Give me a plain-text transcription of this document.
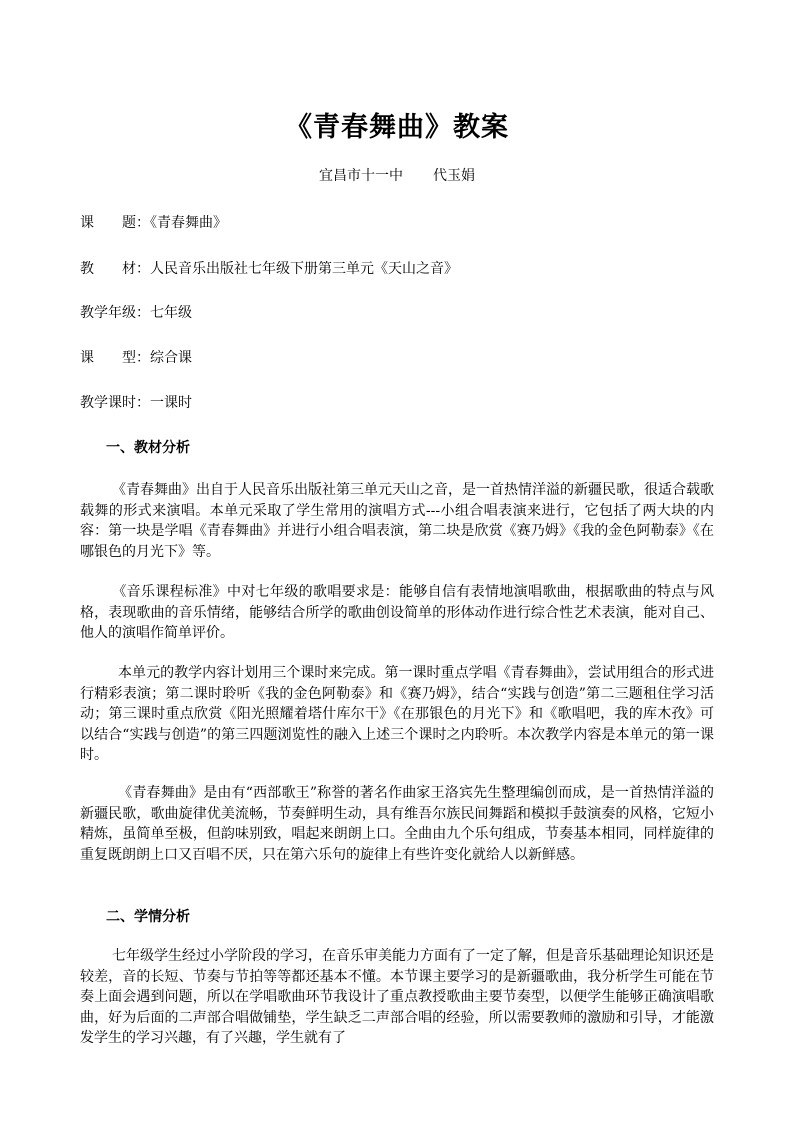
《青春舞曲》教案
宜昌市十一中 代玉娟
课　　题：《青春舞曲》
教　　材：人民音乐出版社七年级下册第三单元《天山之音》
教学年级：七年级
课　　型：综合课
教学课时：一课时
一、教材分析
《青春舞曲》出自于人民音乐出版社第三单元天山之音，是一首热情洋溢的新疆民歌，很适合载歌载舞的形式来演唱。本单元采取了学生常用的演唱方式---小组合唱表演来进行，它包括了两大块的内容：第一块是学唱《青春舞曲》并进行小组合唱表演，第二块是欣赏《赛乃姆》《我的金色阿勒泰》《在哪银色的月光下》等。
《音乐课程标准》中对七年级的歌唱要求是：能够自信有表情地演唱歌曲，根据歌曲的特点与风格，表现歌曲的音乐情绪，能够结合所学的歌曲创设简单的形体动作进行综合性艺术表演，能对自己、他人的演唱作简单评价。
本单元的教学内容计划用三个课时来完成。第一课时重点学唱《青春舞曲》，尝试用组合的形式进行精彩表演；第二课时聆听《我的金色阿勒泰》和《赛乃姆》，结合“实践与创造”第二三题租住学习活动；第三课时重点欣赏《阳光照耀着塔什库尔干》《在那银色的月光下》和《歌唱吧，我的库木孜》可以结合“实践与创造”的第三四题浏览性的融入上述三个课时之内聆听。本次教学内容是本单元的第一课时。
《青春舞曲》是由有“西部歌王”称誉的著名作曲家王洛宾先生整理编创而成，是一首热情洋溢的新疆民歌，歌曲旋律优美流畅，节奏鲜明生动，具有维吾尔族民间舞蹈和模拟手鼓演奏的风格，它短小精炼，虽简单至极，但韵味别致，唱起来朗朗上口。全曲由九个乐句组成，节奏基本相同，同样旋律的重复既朗朗上口又百唱不厌，只在第六乐句的旋律上有些许变化就给人以新鲜感。
二、学情分析
七年级学生经过小学阶段的学习，在音乐审美能力方面有了一定了解，但是音乐基础理论知识还是较差，音的长短、节奏与节拍等等都还基本不懂。本节课主要学习的是新疆歌曲，我分析学生可能在节奏上面会遇到问题，所以在学唱歌曲环节我设计了重点教授歌曲主要节奏型，以便学生能够正确演唱歌曲，好为后面的二声部合唱做铺垫，学生缺乏二声部合唱的经验，所以需要教师的激励和引导，才能激发学生的学习兴趣，有了兴趣，学生就有了
